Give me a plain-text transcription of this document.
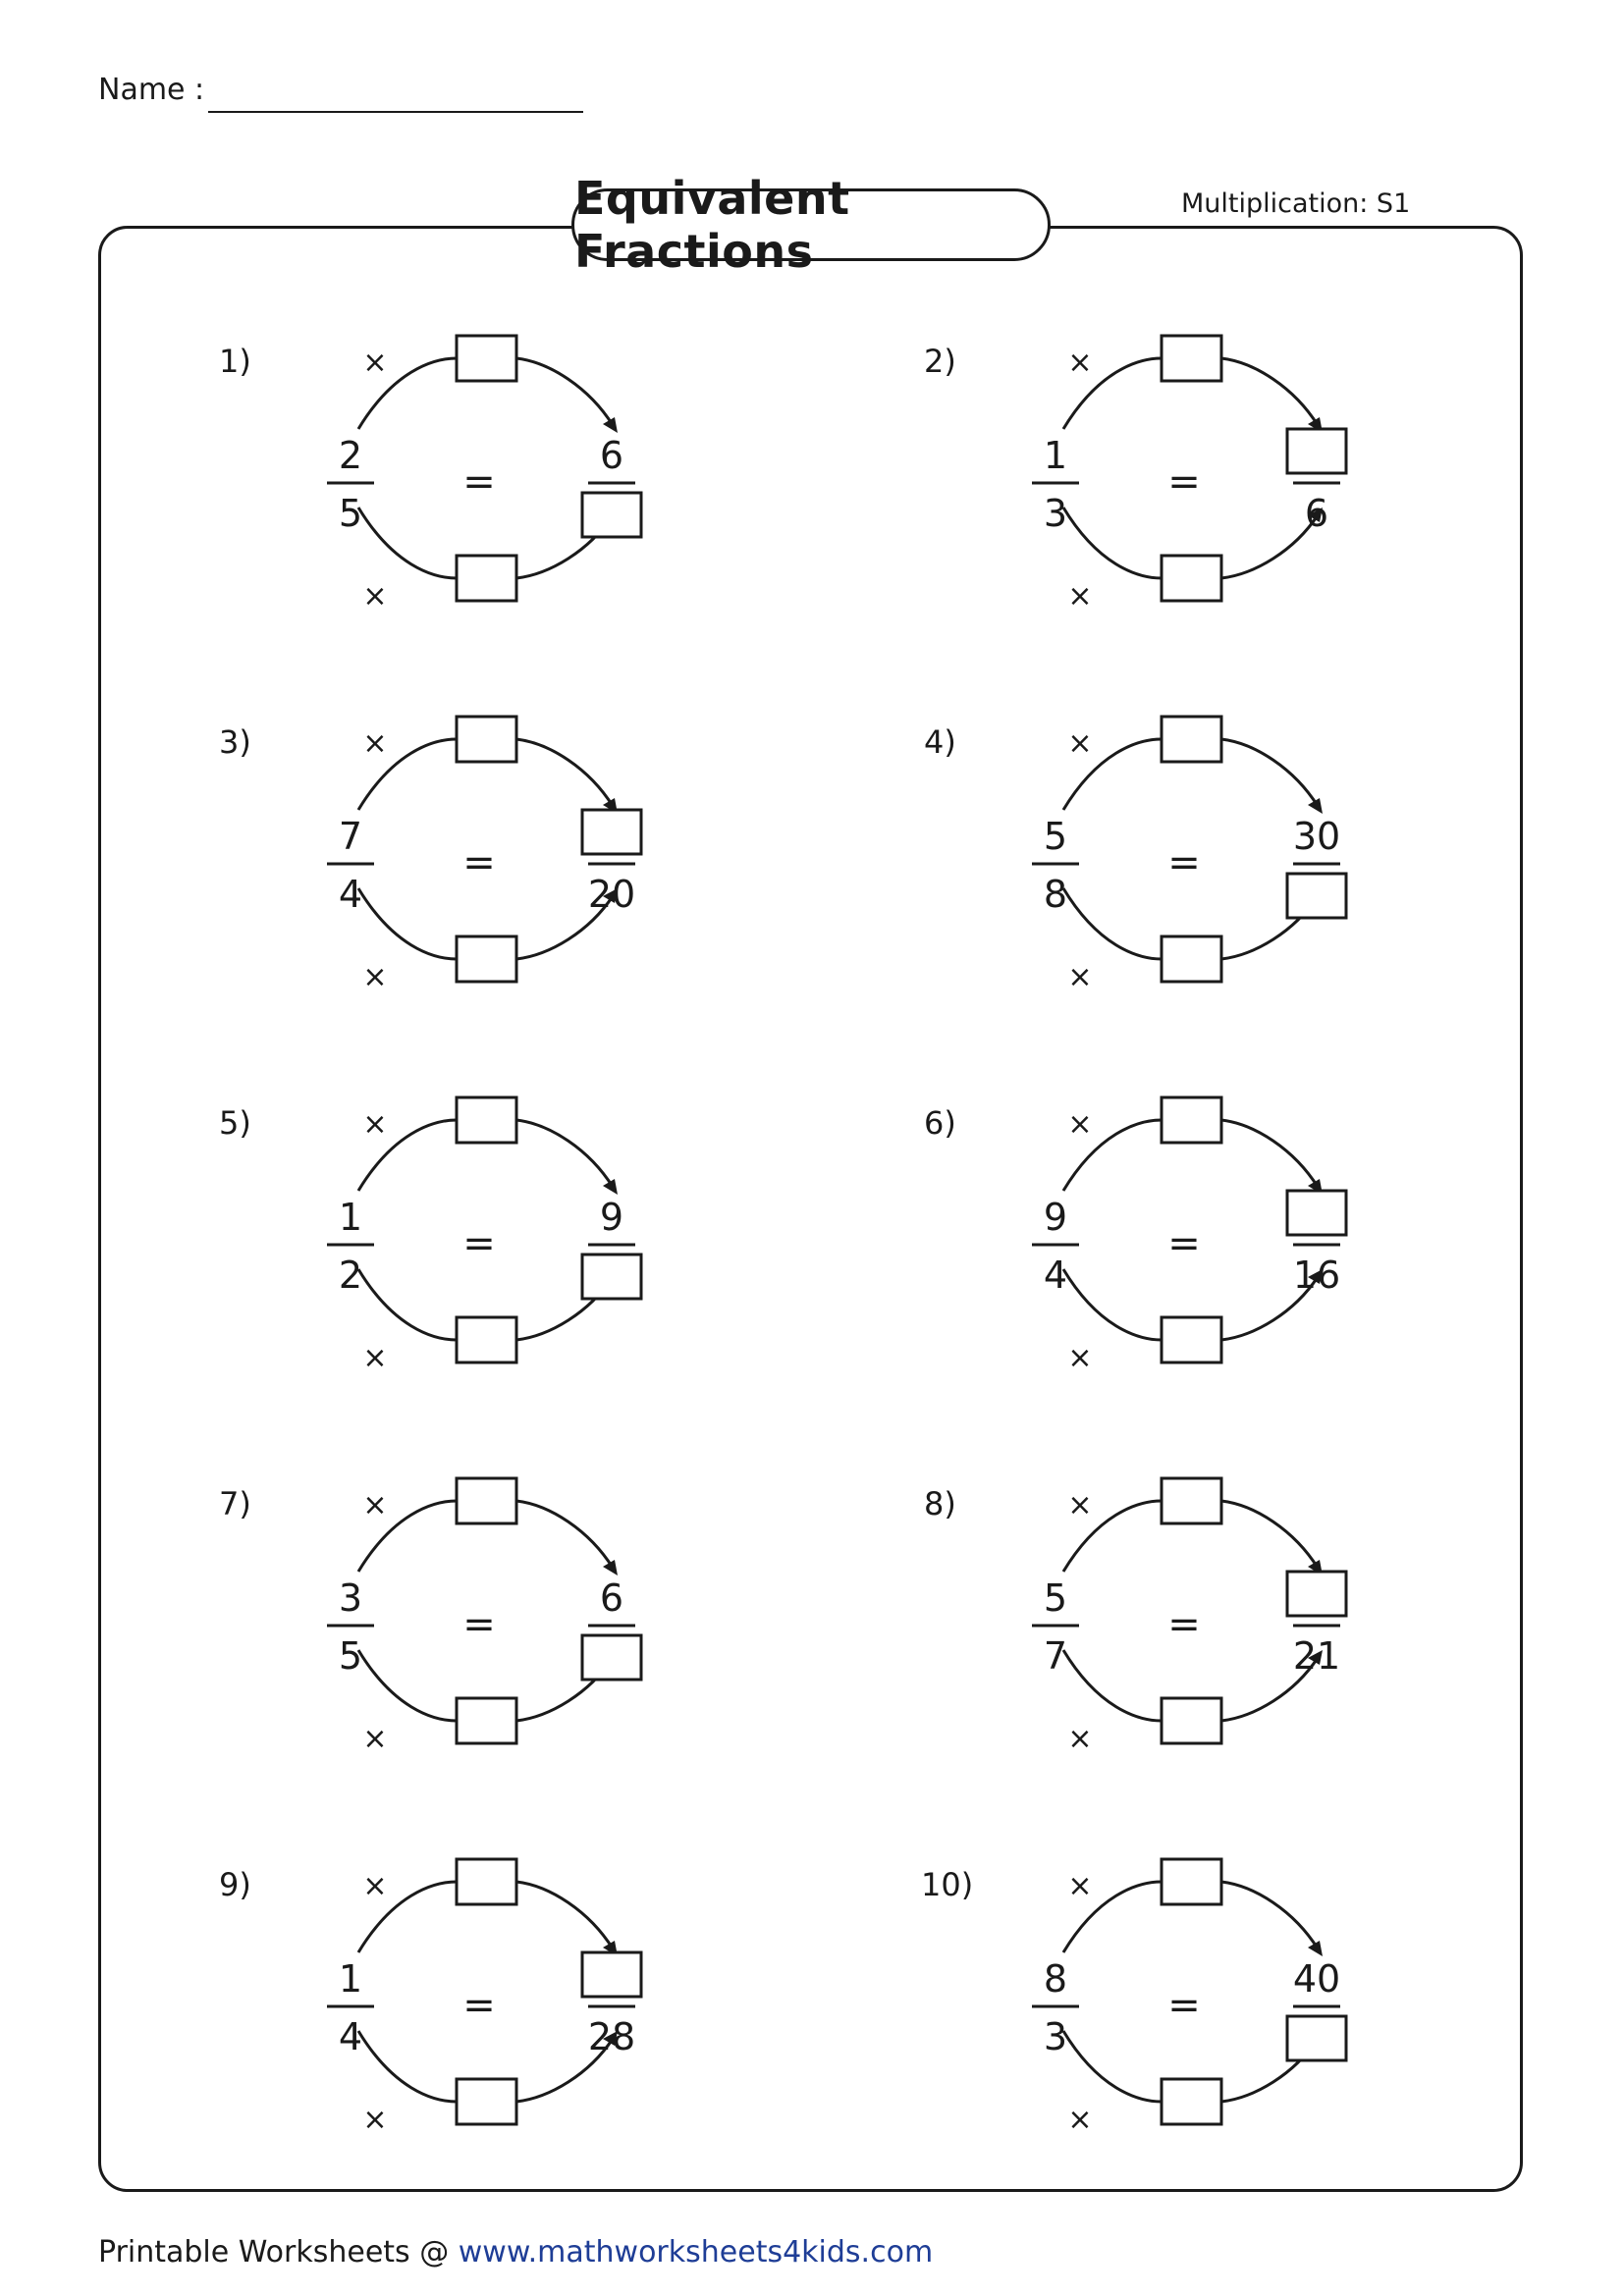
Name :
Equivalent Fractions
Multiplication: S1
1)	×
×
=
2
5
6
2)	×
×
=
1
3	6
3)	×
×
=
7
4	20
4)	×
×
=
5
8
30
5)	×
×
=
1
2
9
6)	×
×
=
9
4	16
7)	×
×
=
3
5
6
8)	×
×
=
5
7	21
9)	×
×
=
1
4	28
10)	×
×
=
8
3
40
Printable Worksheets @ www.mathworksheets4kids.com
